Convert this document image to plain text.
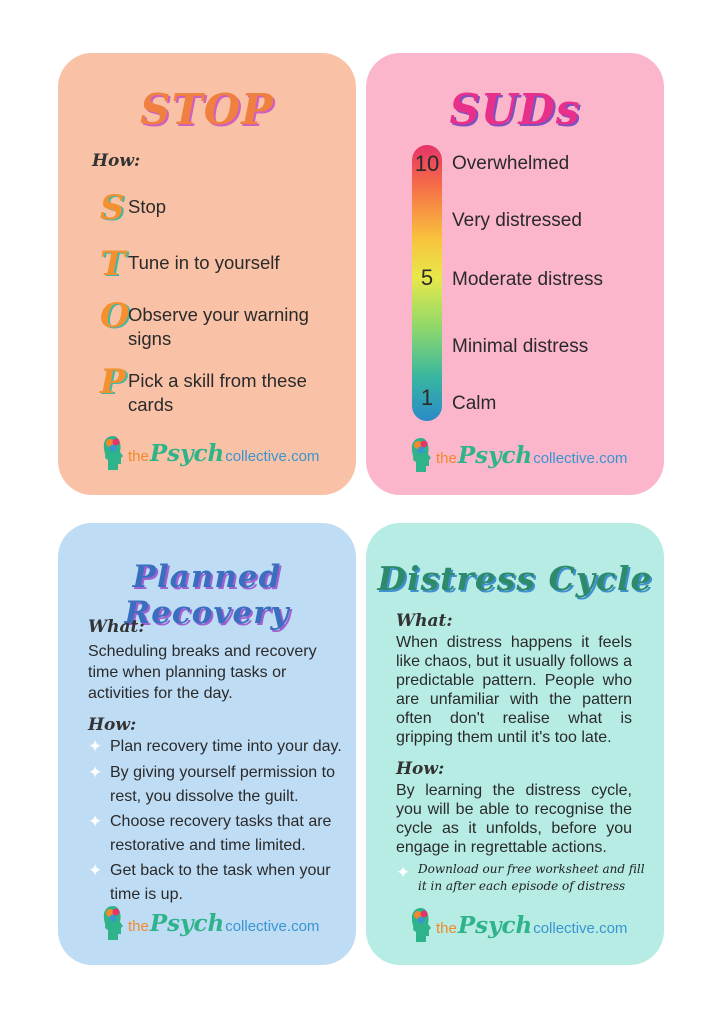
STOP
How:
S Stop
T Tune in to yourself
O
Observe your warning signs
P Pick a skill from these cards
the Psych collective.com
SUDs
10
5
1
Overwhelmed
Very distressed
Moderate distress
Minimal distress
Calm
the Psych collective.com
Planned Recovery
What:
Scheduling breaks and recovery time when planning tasks or activities for the day.
How:
✦ Plan recovery time into your day.
✦ By giving yourself permission to rest, you dissolve the guilt.
✦ Choose recovery tasks that are restorative and time limited.
✦ Get back to the task when your time is up.
the Psych collective.com
Distress Cycle
What:
When distress happens it feels like chaos, but it usually follows a predictable pattern. People who are unfamiliar with the pattern often don't realise what is gripping them until it's too late.
How:
By learning the distress cycle, you will be able to recognise the cycle as it unfolds, before you engage in regrettable actions.
✦ Download our free worksheet and fill it in after each episode of distress
the Psych collective.com
